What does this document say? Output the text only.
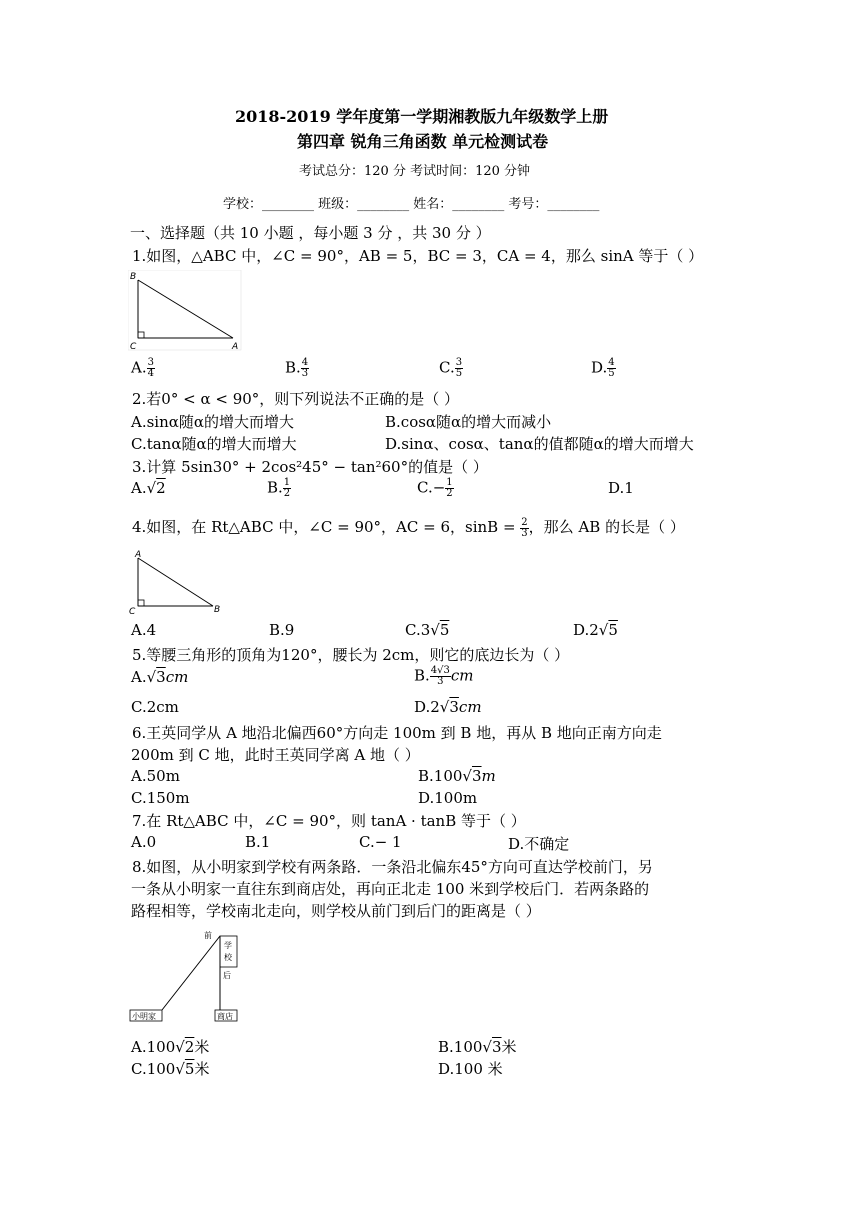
2018-2019 学年度第一学期湘教版九年级数学上册
第四章 锐角三角函数 单元检测试卷
考试总分：120 分 考试时间：120 分钟
学校：________ 班级：________ 姓名：________ 考号：________
一、选择题（共 10 小题 ，每小题 3 分 ，共 30 分 ）
1.如图，△ABC 中，∠C = 90°，AB = 5，BC = 3，CA = 4，那么 sinA 等于（ ）
B
C	A
A. $\frac{3}{4}$	B. $\frac{4}{3}$	C. $\frac{3}{5}$	D. $\frac{4}{5}$
2.若0° < α < 90°，则下列说法不正确的是（ ）
A.sinα随α的增大而增大	B.cosα随α的增大而减小
C.tanα随α的增大而增大	D.sinα、cosα、tanα的值都随α的增大而增大
3.计算 5sin30° + 2cos²45° − tan²60°的值是（ ）
A.√2	B. $\frac{1}{2}$	$C.- \frac{1}{2}$	D.1
4.如图，在 Rt△ABC 中，∠C = 90°，AC = 6，$\sin B = \frac{2}{3}$ ，那么 AB 的长是（ ）
A
C	B
A.4	B.9	C.3√5	D.2√5
5.等腰三角形的顶角为120°，腰长为 2cm，则它的底边长为（ ）
A.√3cm	B. $\frac{4√3}{3}$ cm
C.2cm	D.2√3cm
6.王英同学从 A 地沿北偏西60°方向走 100m 到 B 地，再从 B 地向正南方向走
200m 到 C 地，此时王英同学离 A 地（ ）
A.50m	B.100√3m
C.150m	D.100m
7.在 Rt△ABC 中，∠C = 90°，则 tanA · tanB 等于（ ）
A.0	B.1	C.− 1	D.不确定
8.如图，从小明家到学校有两条路．一条沿北偏东45°方向可直达学校前门，另
一条从小明家一直往东到商店处，再向正北走 100 米到学校后门．若两条路的
路程相等，学校南北走向，则学校从前门到后门的距离是（ ）
前
学
校
后
小明家	商店
A.100√2米	B.100√3米
C.100√5米	D.100 米
